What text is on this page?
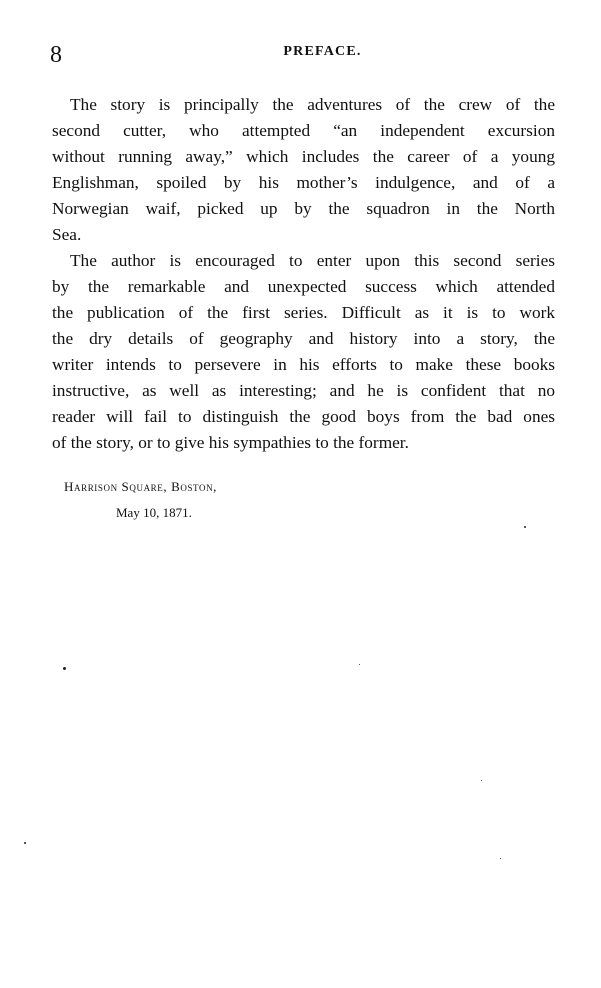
8	PREFACE.

The story is principally the adventures of the crew of the
second cutter, who attempted “an independent excursion
without running away,” which includes the career of a young
Englishman, spoiled by his mother’s indulgence, and of a
Norwegian waif, picked up by the squadron in the North
Sea.

The author is encouraged to enter upon this second series
by the remarkable and unexpected success which attended
the publication of the first series. Difficult as it is to work
the dry details of geography and history into a story, the
writer intends to persevere in his efforts to make these books
instructive, as well as interesting; and he is confident that no
reader will fail to distinguish the good boys from the bad ones
of the story, or to give his sympathies to the former.

Harrison Square, Boston,
May 10, 1871.
